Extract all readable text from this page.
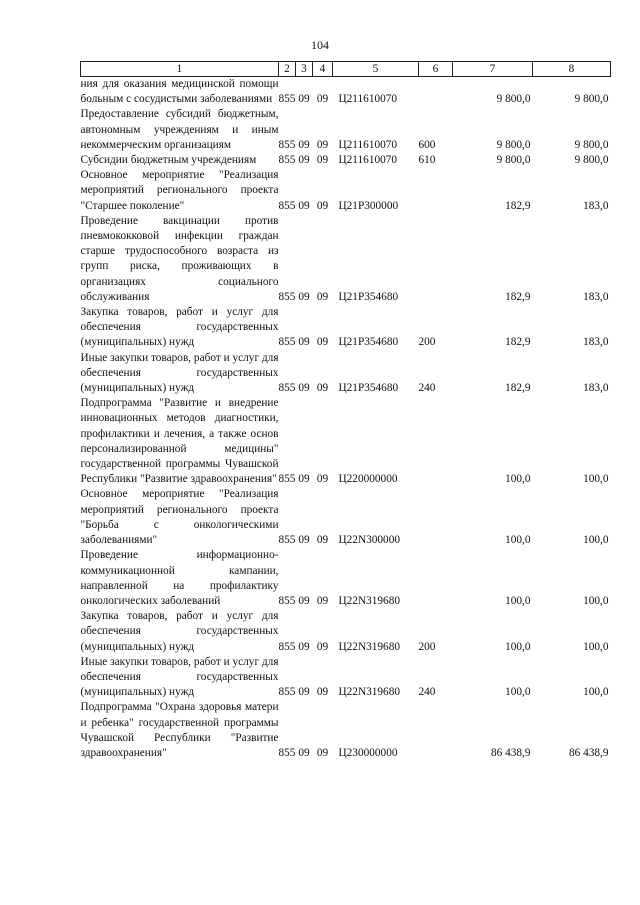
104
1	2	3	4	5	6	7	8
ния для оказания медицинской помощи больным с сосудистыми заболеваниями	855	09	09	Ц211610070		9 800,0	9 800,0
Предоставление субсидий бюджетным, автономным учреждениям и иным некоммерческим организациям	855	09	09	Ц211610070	600	9 800,0	9 800,0
Субсидии бюджетным учреждениям	855	09	09	Ц211610070	610	9 800,0	9 800,0
Основное мероприятие "Реализация мероприятий регионального проекта "Старшее поколение"	855	09	09	Ц21P300000		182,9	183,0
Проведение вакцинации против пневмококковой инфекции граждан старше трудоспособного возраста из групп риска, проживающих в организациях социального обслуживания	855	09	09	Ц21P354680		182,9	183,0
Закупка товаров, работ и услуг для обеспечения государственных (муниципальных) нужд	855	09	09	Ц21P354680	200	182,9	183,0
Иные закупки товаров, работ и услуг для обеспечения государственных (муниципальных) нужд	855	09	09	Ц21P354680	240	182,9	183,0
Подпрограмма "Развитие и внедрение инновационных методов диагностики, профилактики и лечения, а также основ персонализированной медицины" государственной программы Чувашской Республики "Развитие здравоохранения"	855	09	09	Ц220000000		100,0	100,0
Основное мероприятие "Реализация мероприятий регионального проекта "Борьба с онкологическими заболеваниями"	855	09	09	Ц22N300000		100,0	100,0
Проведение информационно-коммуникационной кампании, направленной на профилактику онкологических заболеваний	855	09	09	Ц22N319680		100,0	100,0
Закупка товаров, работ и услуг для обеспечения государственных (муниципальных) нужд	855	09	09	Ц22N319680	200	100,0	100,0
Иные закупки товаров, работ и услуг для обеспечения государственных (муниципальных) нужд	855	09	09	Ц22N319680	240	100,0	100,0
Подпрограмма "Охрана здоровья матери и ребенка" государственной программы Чувашской Республики "Развитие здравоохранения"	855	09	09	Ц230000000		86 438,9	86 438,9
